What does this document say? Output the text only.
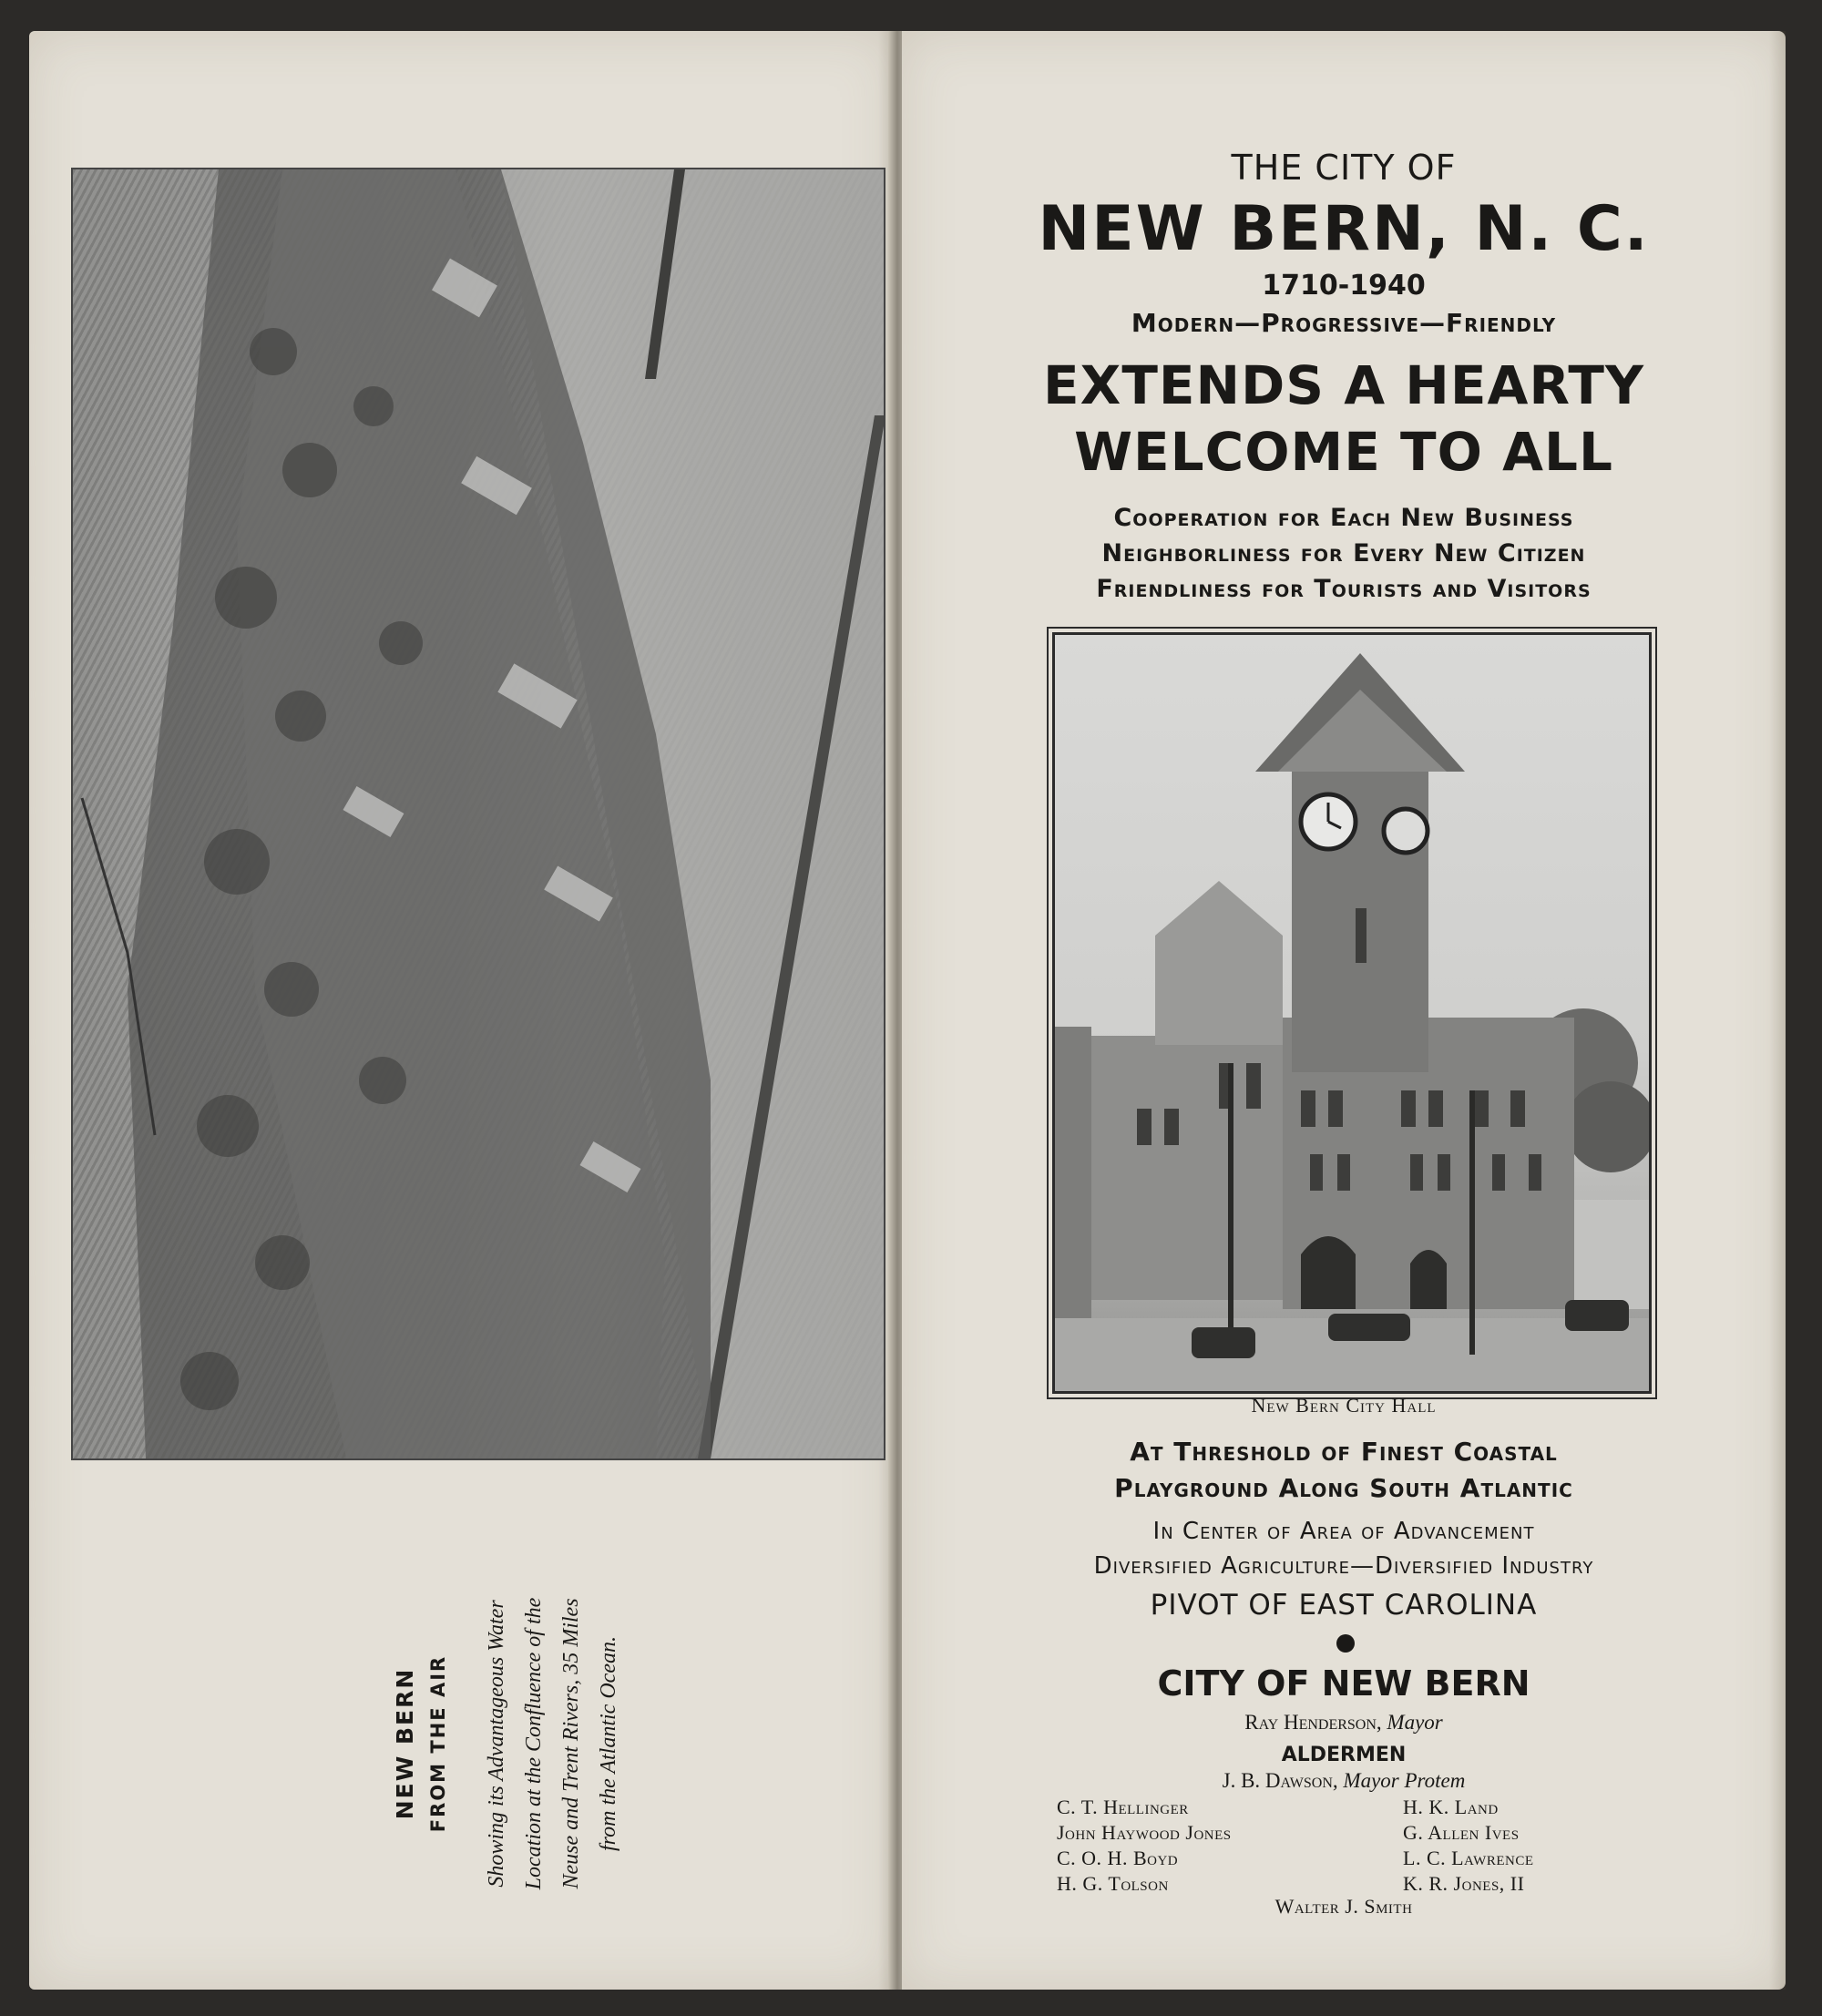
NEW BERN FROM THE AIR Showing its Advantageous Water Location at the Confluence of the Neuse and Trent Rivers, 35 Miles from the Atlantic Ocean.
THE CITY OF
NEW BERN, N. C.
1710-1940
Modern—Progressive—Friendly
EXTENDS A HEARTY
WELCOME TO ALL
Cooperation for Each New Business
Neighborliness for Every New Citizen
Friendliness for Tourists and Visitors
New Bern City Hall
At Threshold of Finest Coastal
Playground Along South Atlantic
In Center of Area of Advancement
Diversified Agriculture—Diversified Industry
PIVOT OF EAST CAROLINA
CITY OF NEW BERN
Ray Henderson, Mayor
ALDERMEN
J. B. Dawson, Mayor Protem
C. T. Hellinger
John Haywood Jones
C. O. H. Boyd
H. G. Tolson
H. K. Land
G. Allen Ives
L. C. Lawrence
K. R. Jones, II
Walter J. Smith
